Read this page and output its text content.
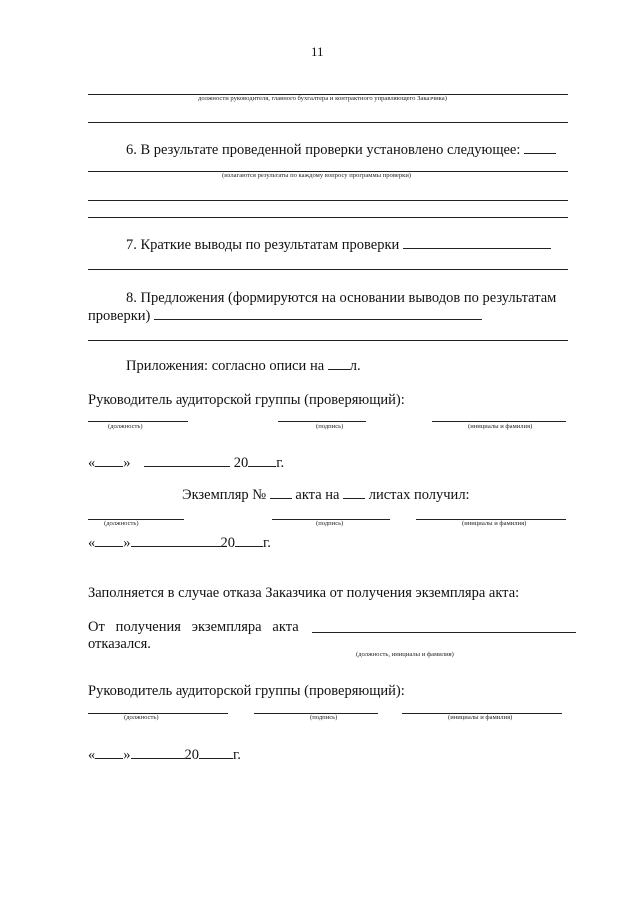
11
должности руководителя, главного бухгалтера и контрактного управляющего Заказчика)
6. В результате проведенной проверки установлено следующее:
(излагаются результаты по каждому вопросу программы проверки)
7. Краткие выводы по результатам проверки
8. Предложения (формируются на основании выводов по результатам
проверки)
Приложения: согласно описи на л.
Руководитель аудиторской группы (проверяющий):
(должность)	(подпись)	(инициалы и фамилия)
« »	20 г.
Экземпляр № акта на листах получил:
(должность)	(подпись)	(инициалы и фамилия)
« »	20 г.
Заполняется в случае отказа Заказчика от получения экземпляра акта:
От   получения   экземпляра   акта
отказался.
(должность, инициалы и фамилия)
Руководитель аудиторской группы (проверяющий):
(должность)	(подпись)	(инициалы и фамилия)
« »	20 г.
